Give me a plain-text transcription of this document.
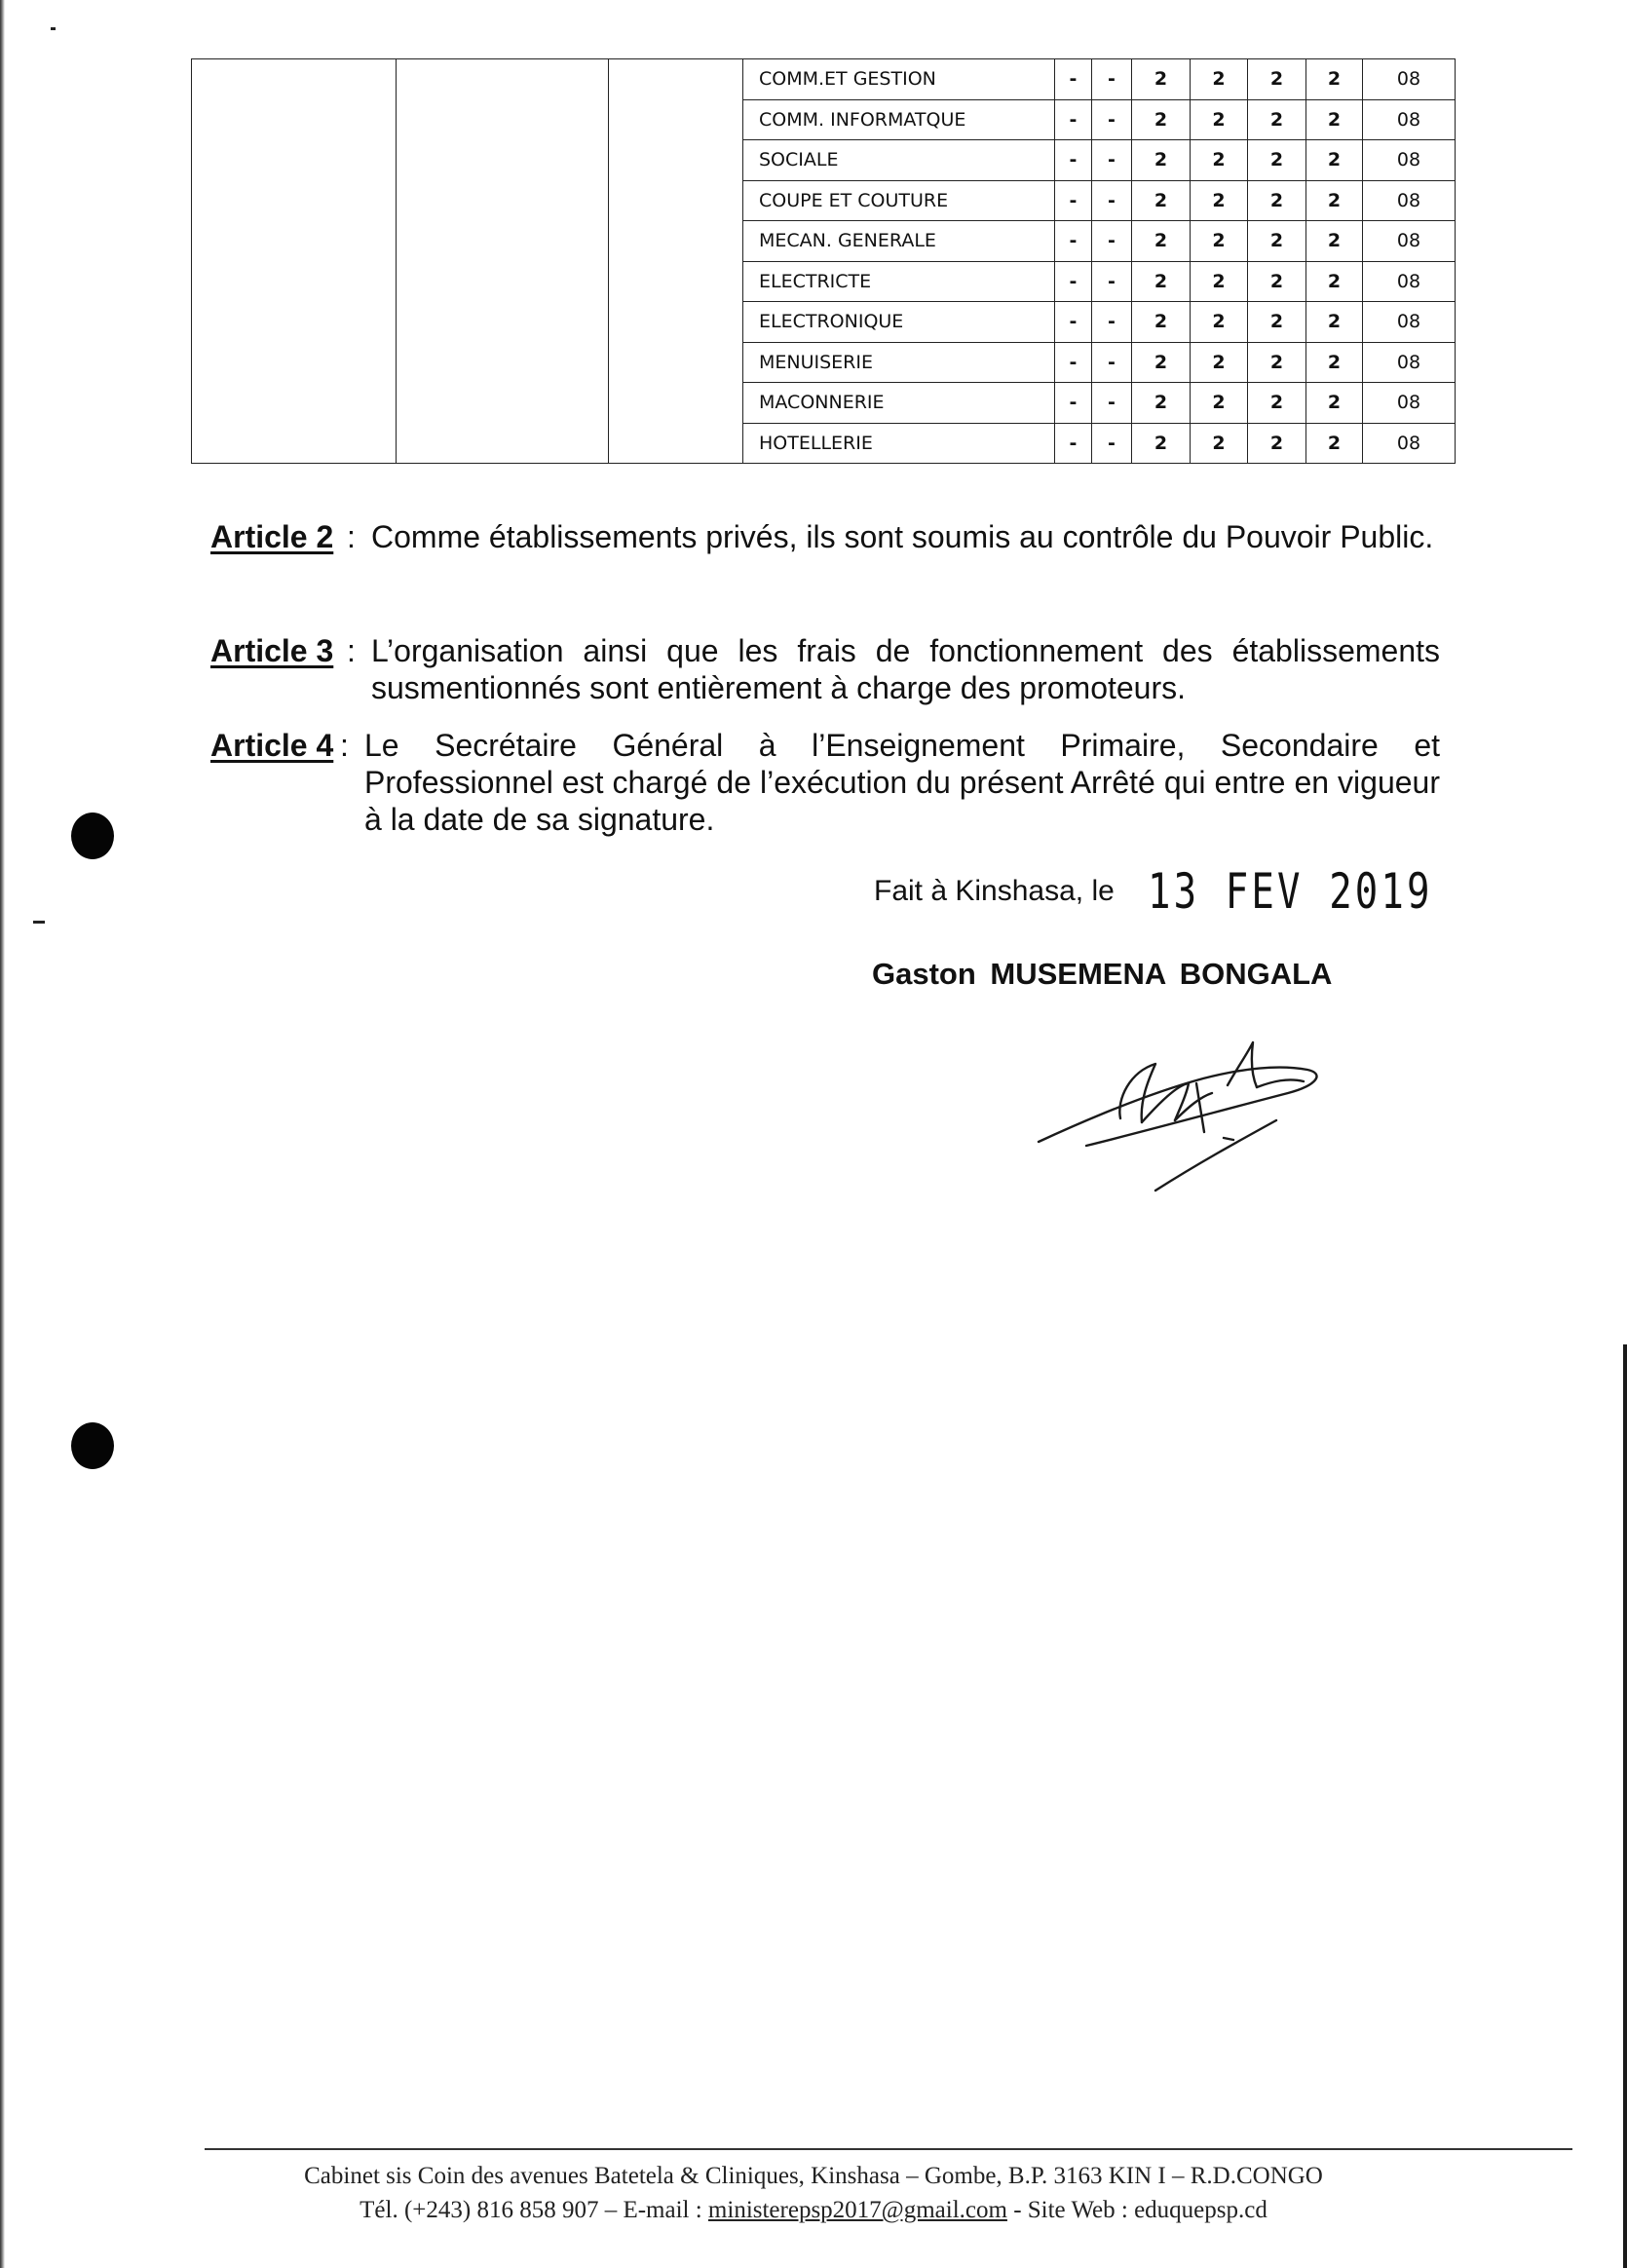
			COMM.ET GESTION	-	-	2	2	2	2	08
			COMM. INFORMATQUE	-	-	2	2	2	2	08
			SOCIALE	-	-	2	2	2	2	08
			COUPE ET COUTURE	-	-	2	2	2	2	08
			MECAN. GENERALE	-	-	2	2	2	2	08
			ELECTRICTE	-	-	2	2	2	2	08
			ELECTRONIQUE	-	-	2	2	2	2	08
			MENUISERIE	-	-	2	2	2	2	08
			MACONNERIE	-	-	2	2	2	2	08
			HOTELLERIE	-	-	2	2	2	2	08
Article 2 : Comme établissements privés, ils sont soumis au contrôle du Pouvoir Public.
Article 3 : L’organisation ainsi que les frais de fonctionnement des établissements susmentionnés sont entièrement à charge des promoteurs.
Article 4 : Le Secrétaire Général à l’Enseignement Primaire, Secondaire et Professionnel est chargé de l’exécution du présent Arrêté qui entre en vigueur à la date de sa signature.
Fait à Kinshasa, le 13 FEV 2019
Gaston MUSEMENA BONGALA
Cabinet sis Coin des avenues Batetela & Cliniques, Kinshasa – Gombe, B.P. 3163 KIN I – R.D.CONGO
Tél. (+243) 816 858 907 – E-mail : ministerepsp2017@gmail.com - Site Web : eduquepsp.cd
